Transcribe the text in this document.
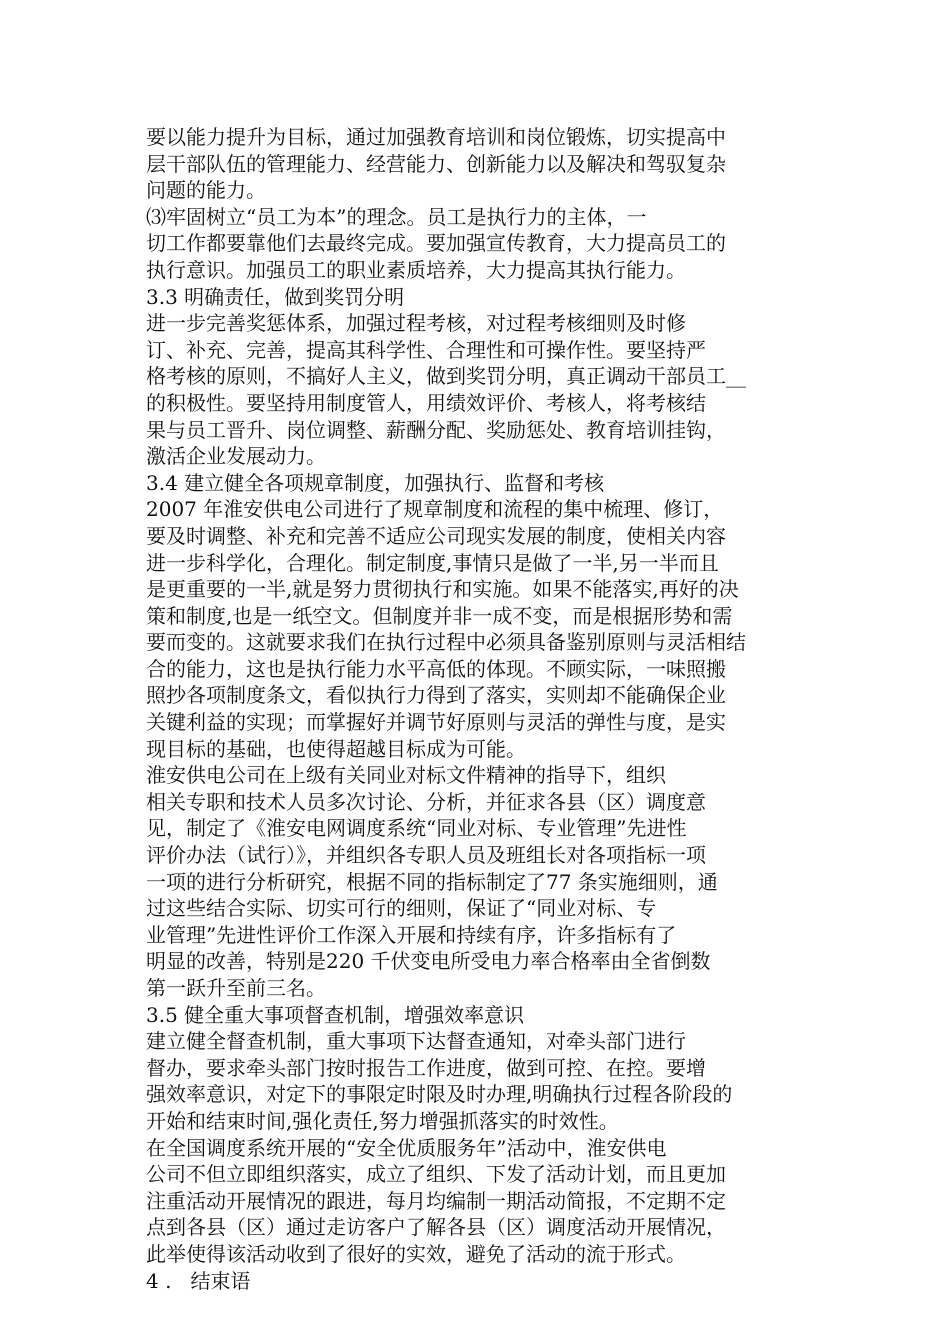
要以能力提升为目标，通过加强教育培训和岗位锻炼，切实提高中
层干部队伍的管理能力、经营能力、创新能力以及解决和驾驭复杂
问题的能力。
⑶牢固树立“员工为本”的理念。员工是执行力的主体，一
切工作都要靠他们去最终完成。要加强宣传教育，大力提高员工的
执行意识。加强员工的职业素质培养，大力提高其执行能力。
3.3 明确责任，做到奖罚分明
进一步完善奖惩体系，加强过程考核，对过程考核细则及时修
订、补充、完善，提高其科学性、合理性和可操作性。要坚持严
格考核的原则，不搞好人主义，做到奖罚分明，真正调动干部员工__
的积极性。要坚持用制度管人，用绩效评价、考核人，将考核结
果与员工晋升、岗位调整、薪酬分配、奖励惩处、教育培训挂钩，
激活企业发展动力。
3.4 建立健全各项规章制度，加强执行、监督和考核
2007 年淮安供电公司进行了规章制度和流程的集中梳理、修订，
要及时调整、补充和完善不适应公司现实发展的制度，使相关内容
进一步科学化，合理化。制定制度,事情只是做了一半,另一半而且
是更重要的一半,就是努力贯彻执行和实施。如果不能落实,再好的决
策和制度,也是一纸空文。但制度并非一成不变，而是根据形势和需
要而变的。这就要求我们在执行过程中必须具备鉴别原则与灵活相结
合的能力，这也是执行能力水平高低的体现。不顾实际，一味照搬
照抄各项制度条文，看似执行力得到了落实，实则却不能确保企业
关键利益的实现；而掌握好并调节好原则与灵活的弹性与度，是实
现目标的基础，也使得超越目标成为可能。
淮安供电公司在上级有关同业对标文件精神的指导下，组织
相关专职和技术人员多次讨论、分析，并征求各县（区）调度意
见，制定了《淮安电网调度系统“同业对标、专业管理”先进性
评价办法（试行）》，并组织各专职人员及班组长对各项指标一项
一项的进行分析研究，根据不同的指标制定了77 条实施细则，通
过这些结合实际、切实可行的细则，保证了“同业对标、专
业管理”先进性评价工作深入开展和持续有序，许多指标有了
明显的改善，特别是220 千伏变电所受电力率合格率由全省倒数
第一跃升至前三名。
3.5 健全重大事项督查机制，增强效率意识
建立健全督查机制，重大事项下达督查通知，对牵头部门进行
督办，要求牵头部门按时报告工作进度，做到可控、在控。要增
强效率意识，对定下的事限定时限及时办理,明确执行过程各阶段的
开始和结束时间,强化责任,努力增强抓落实的时效性。
在全国调度系统开展的“安全优质服务年”活动中，淮安供电
公司不但立即组织落实，成立了组织、下发了活动计划，而且更加
注重活动开展情况的跟进，每月均编制一期活动简报，不定期不定
点到各县（区）通过走访客户了解各县（区）调度活动开展情况，
此举使得该活动收到了很好的实效，避免了活动的流于形式。
4 .   结束语
